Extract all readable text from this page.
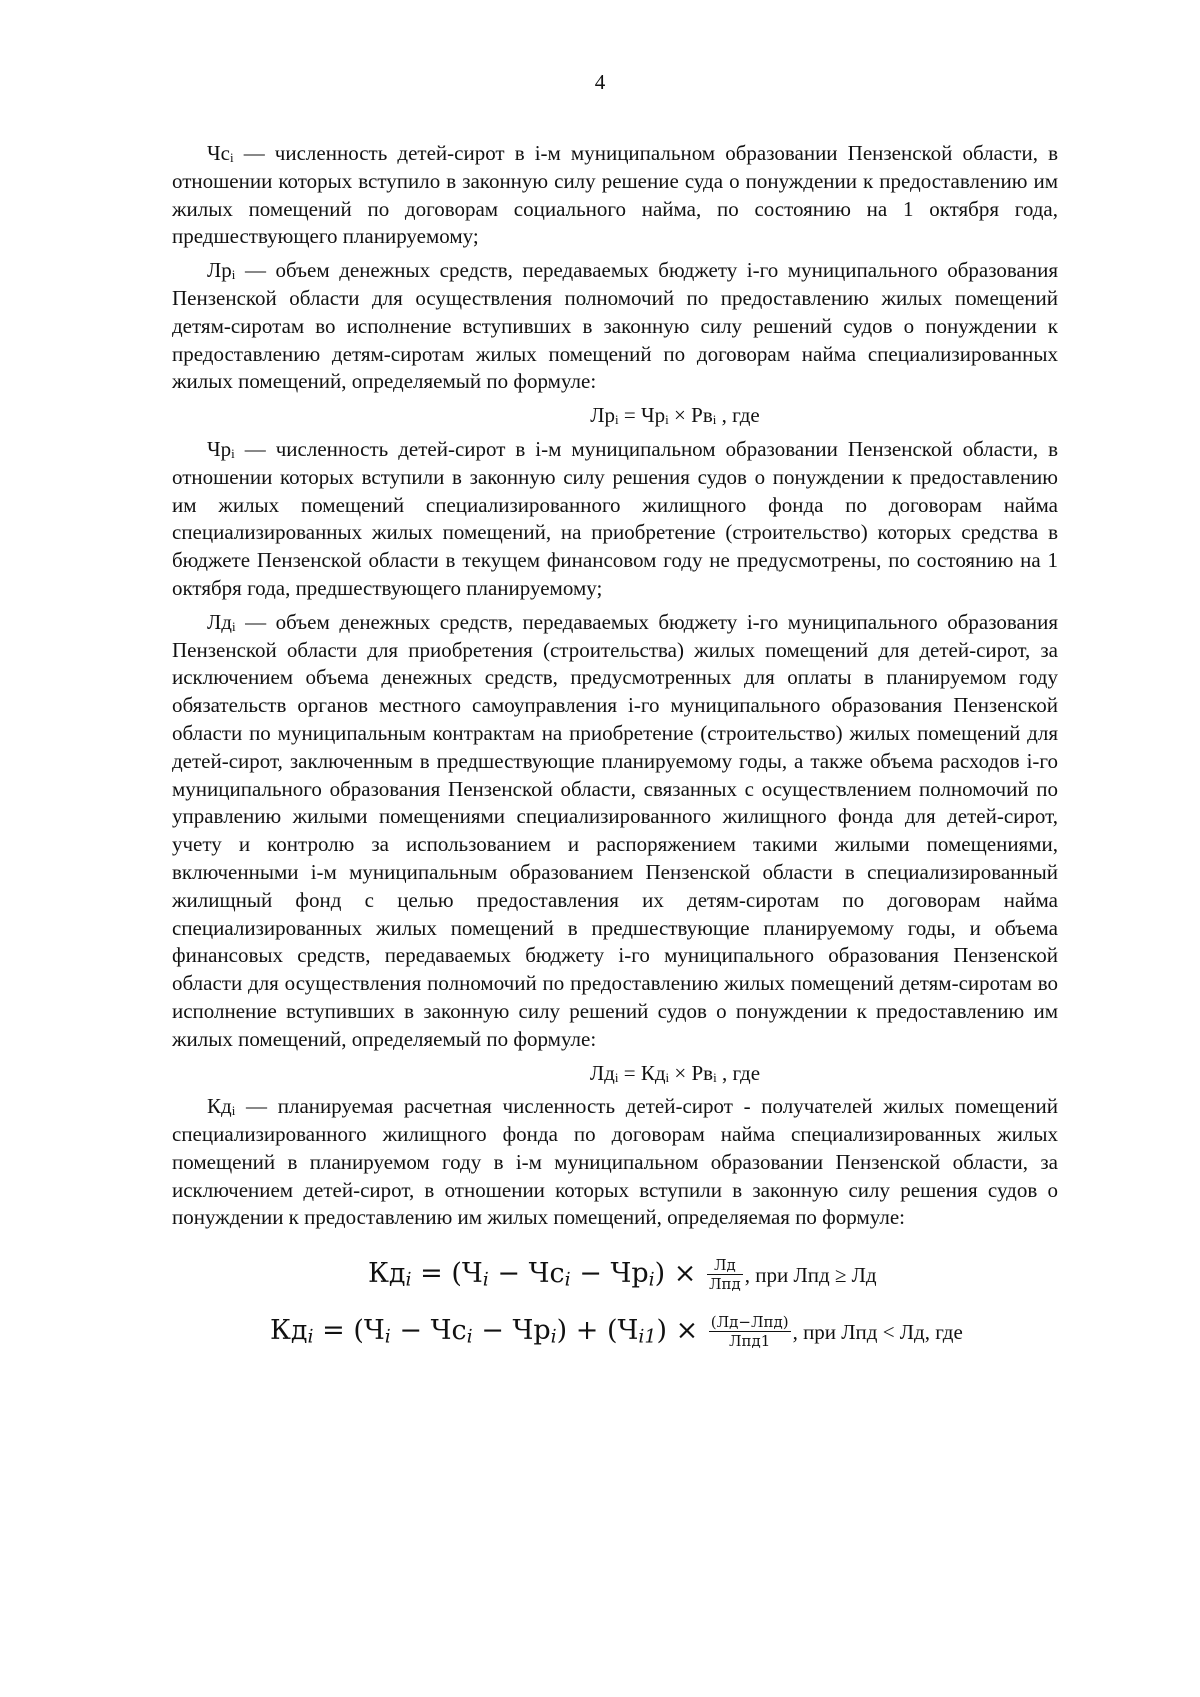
4

Чсi — численность детей-сирот в i-м муниципальном образовании Пензенской области, в отношении которых вступило в законную силу решение суда о понуждении к предоставлению им жилых помещений по договорам социального найма, по состоянию на 1 октября года, предшествующего планируемому;

Лрi — объем денежных средств, передаваемых бюджету i-го муниципального образования Пензенской области для осуществления полномочий по предоставлению жилых помещений детям-сиротам во исполнение вступивших в законную силу решений судов о понуждении к предоставлению детям-сиротам жилых помещений по договорам найма специализированных жилых помещений, определяемый по формуле:

Лрi = Чрi × Рвi , где

Чрi — численность детей-сирот в i-м муниципальном образовании Пензенской области, в отношении которых вступили в законную силу решения судов о понуждении к предоставлению им жилых помещений специализированного жилищного фонда по договорам найма специализированных жилых помещений, на приобретение (строительство) которых средства в бюджете Пензенской области в текущем финансовом году не предусмотрены, по состоянию на 1 октября года, предшествующего планируемому;

Лдi — объем денежных средств, передаваемых бюджету i-го муниципального образования Пензенской области для приобретения (строительства) жилых помещений для детей-сирот, за исключением объема денежных средств, предусмотренных для оплаты в планируемом году обязательств органов местного самоуправления i-го муниципального образования Пензенской области по муниципальным контрактам на приобретение (строительство) жилых помещений для детей-сирот, заключенным в предшествующие планируемому годы, а также объема расходов i-го муниципального образования Пензенской области, связанных с осуществлением полномочий по управлению жилыми помещениями специализированного жилищного фонда для детей-сирот, учету и контролю за использованием и распоряжением такими жилыми помещениями, включенными i-м муниципальным образованием Пензенской области в специализированный жилищный фонд с целью предоставления их детям-сиротам по договорам найма специализированных жилых помещений в предшествующие планируемому годы, и объема финансовых средств, передаваемых бюджету i-го муниципального образования Пензенской области для осуществления полномочий по предоставлению жилых помещений детям-сиротам во исполнение вступивших в законную силу решений судов о понуждении к предоставлению им жилых помещений, определяемый по формуле:

Лдi = Кдi × Рвi , где

Кдi — планируемая расчетная численность детей-сирот - получателей жилых помещений специализированного жилищного фонда по договорам найма специализированных жилых помещений в планируемом году в i-м муниципальном образовании Пензенской области, за исключением детей-сирот, в отношении которых вступили в законную силу решения судов о понуждении к предоставлению им жилых помещений, определяемая по формуле:

Кдi = (Чi − Чсi − $Чрi) \times \frac{Лд}{\text{Лпд}}$ , при Лпд ≥ Лд
Кдi = (Чi − Чсi − $Чрi) + (Чi1) \times \frac{\text{(Лд−Лпд)}}{\text{Лпд1}}$ , при Лпд < Лд, где
